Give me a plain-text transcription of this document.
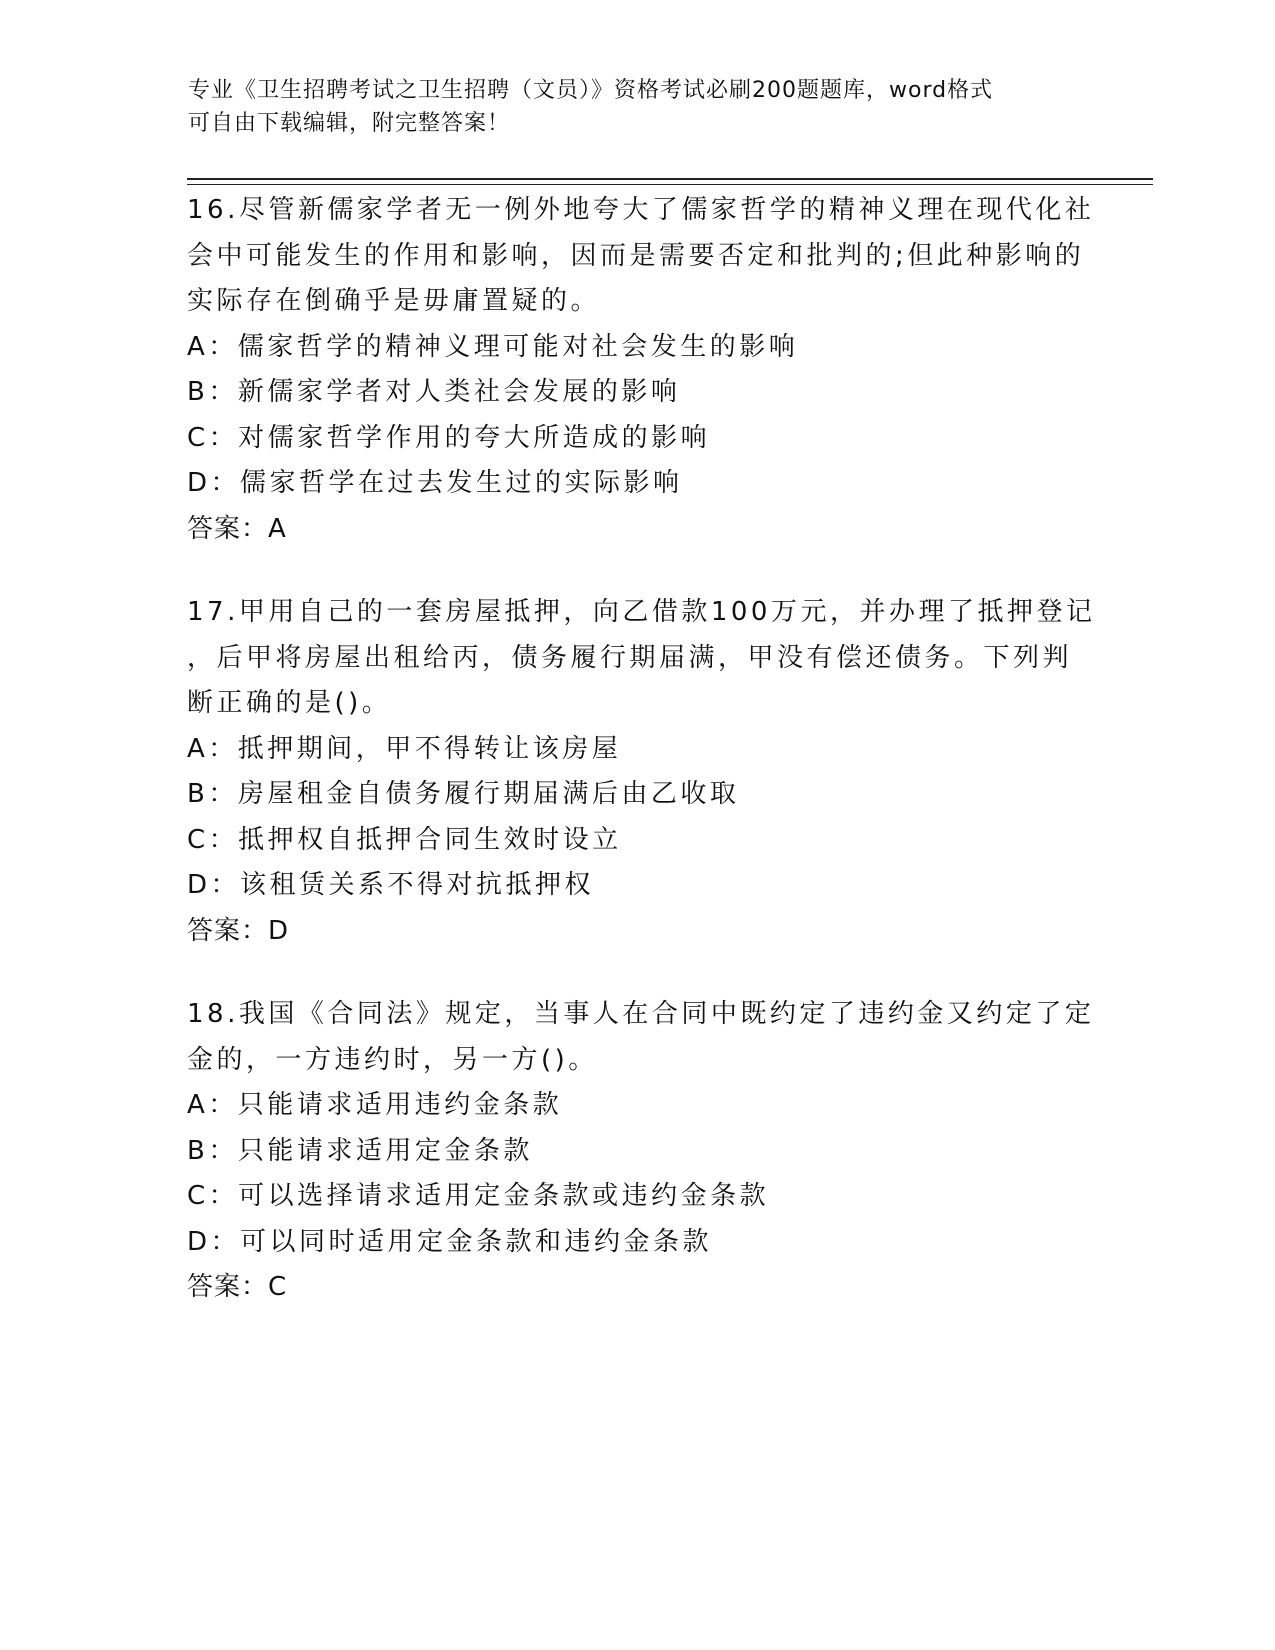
专业《卫生招聘考试之卫生招聘（文员）》资格考试必刷200题题库，word格式
可自由下载编辑，附完整答案！
16.尽管新儒家学者无一例外地夸大了儒家哲学的精神义理在现代化社
会中可能发生的作用和影响，因而是需要否定和批判的;但此种影响的
实际存在倒确乎是毋庸置疑的。
A：儒家哲学的精神义理可能对社会发生的影响
B：新儒家学者对人类社会发展的影响
C：对儒家哲学作用的夸大所造成的影响
D：儒家哲学在过去发生过的实际影响
答案：A
17.甲用自己的一套房屋抵押，向乙借款100万元，并办理了抵押登记
，后甲将房屋出租给丙，债务履行期届满，甲没有偿还债务。下列判
断正确的是()。
A：抵押期间，甲不得转让该房屋
B：房屋租金自债务履行期届满后由乙收取
C：抵押权自抵押合同生效时设立
D：该租赁关系不得对抗抵押权
答案：D
18.我国《合同法》规定，当事人在合同中既约定了违约金又约定了定
金的，一方违约时，另一方()。
A：只能请求适用违约金条款
B：只能请求适用定金条款
C：可以选择请求适用定金条款或违约金条款
D：可以同时适用定金条款和违约金条款
答案：C
